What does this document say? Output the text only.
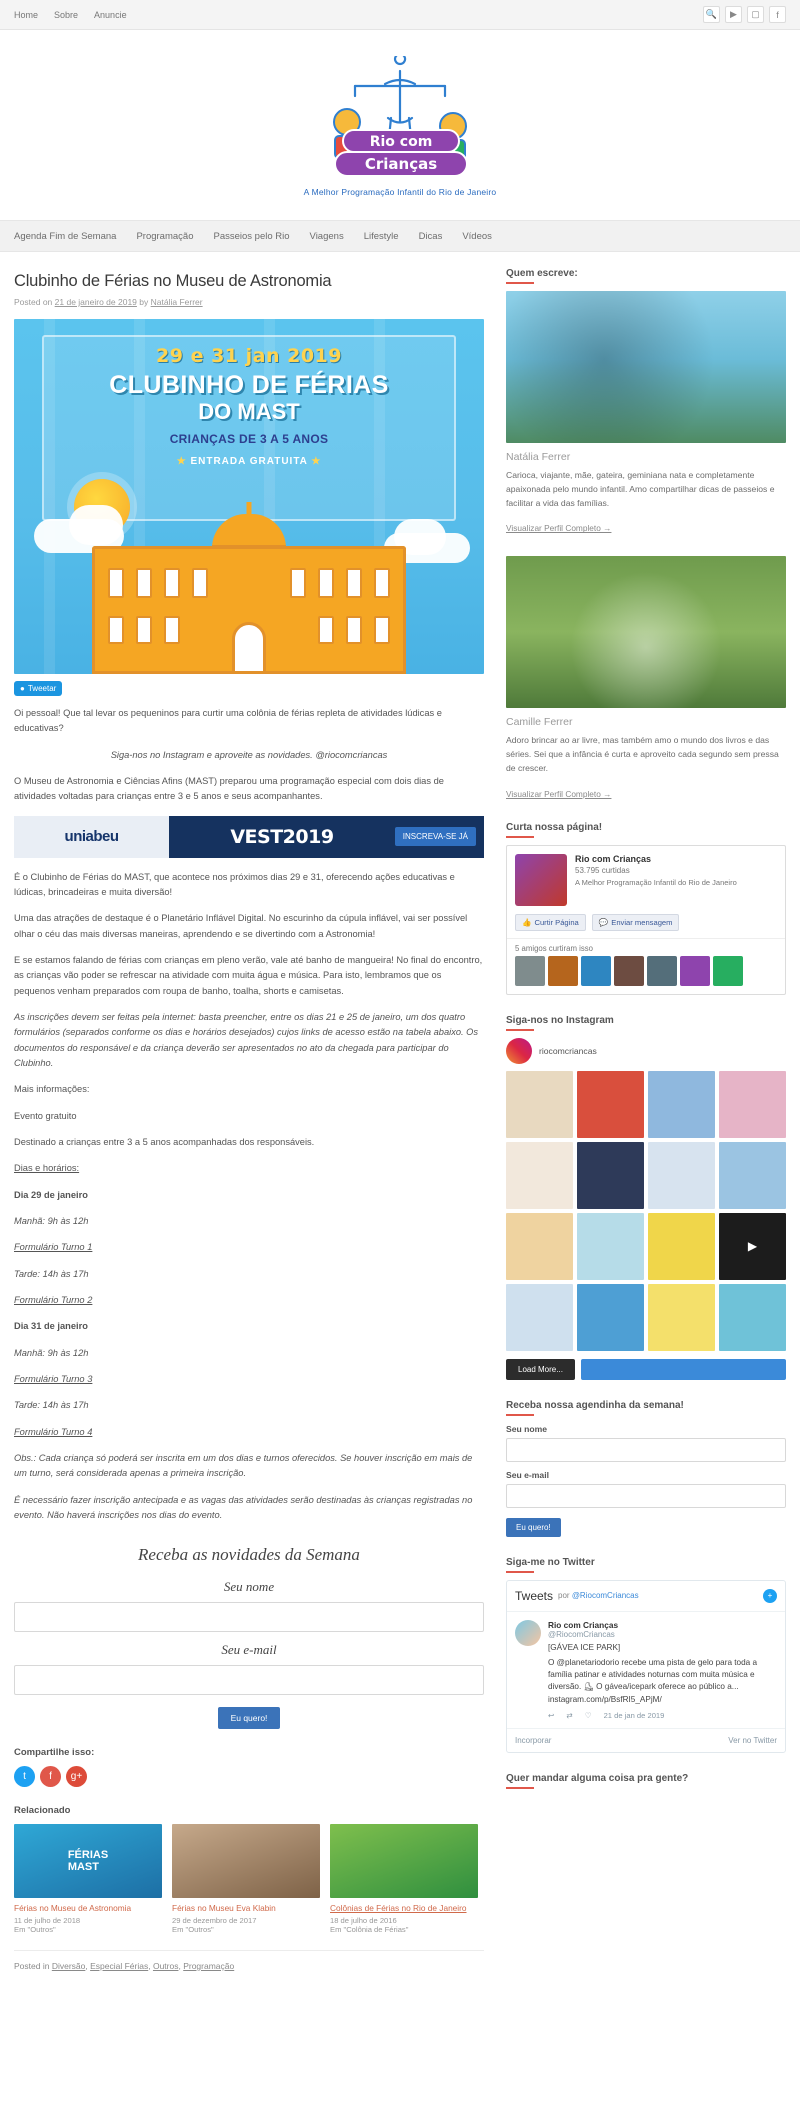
Home Sobre Anuncie	🔍	▶	▢	f
Rio com
Crianças
A Melhor Programação Infantil do Rio de Janeiro
Agenda Fim de Semana Programação Passeios pelo Rio Viagens Lifestyle Dicas Vídeos
Clubinho de Férias no Museu de Astronomia
Posted on 21 de janeiro de 2019 by Natália Ferrer
29 e 31 jan 2019
CLUBINHO DE FÉRIAS
DO MAST
CRIANÇAS DE 3 A 5 ANOS
★ ENTRADA GRATUITA ★
● Tweetar

Oi pessoal! Que tal levar os pequeninos para curtir uma colônia de férias repleta de atividades lúdicas e educativas?

Siga-nos no Instagram e aproveite as novidades. @riocomcriancas

O Museu de Astronomia e Ciências Afins (MAST) preparou uma programação especial com dois dias de atividades voltadas para crianças entre 3 e 5 anos e seus acompanhantes.

uniabeu	VEST2019	INSCREVA-SE JÁ

É o Clubinho de Férias do MAST, que acontece nos próximos dias 29 e 31, oferecendo ações educativas e lúdicas, brincadeiras e muita diversão!

Uma das atrações de destaque é o Planetário Inflável Digital. No escurinho da cúpula inflável, vai ser possível olhar o céu das mais diversas maneiras, aprendendo e se divertindo com a Astronomia!

E se estamos falando de férias com crianças em pleno verão, vale até banho de mangueira! No final do encontro, as crianças vão poder se refrescar na atividade com muita água e música. Para isto, lembramos que os pequenos venham preparados com roupa de banho, toalha, shorts e camisetas.

As inscrições devem ser feitas pela internet: basta preencher, entre os dias 21 e 25 de janeiro, um dos quatro formulários (separados conforme os dias e horários desejados) cujos links de acesso estão na tabela abaixo. Os documentos do responsável e da criança deverão ser apresentados no ato da chegada para participar do Clubinho.

Mais informações:

Evento gratuito

Destinado a crianças entre 3 a 5 anos acompanhadas dos responsáveis.

Dias e horários:

Dia 29 de janeiro

Manhã: 9h às 12h

Formulário Turno 1

Tarde: 14h às 17h

Formulário Turno 2

Dia 31 de janeiro

Manhã: 9h às 12h

Formulário Turno 3

Tarde: 14h às 17h

Formulário Turno 4

Obs.: Cada criança só poderá ser inscrita em um dos dias e turnos oferecidos. Se houver inscrição em mais de um turno, será considerada apenas a primeira inscrição.

É necessário fazer inscrição antecipada e as vagas das atividades serão destinadas às crianças registradas no evento. Não haverá inscrições nos dias do evento.

Receba as novidades da Semana
Seu nome
Seu e-mail
Eu quero!
Compartilhe isso:
t	f	g+
Relacionado
FÉRIAS
MAST
Férias no Museu de Astronomia
11 de julho de 2018
Em "Outros"
Férias no Museu Eva Klabin
29 de dezembro de 2017
Em "Outros"
Colônias de Férias no Rio de Janeiro
18 de julho de 2016
Em "Colônia de Férias"
Posted in Diversão, Especial Férias, Outros, Programação
Quem escreve:
Natália Ferrer
Carioca, viajante, mãe, gateira, geminiana nata e completamente apaixonada pelo mundo infantil. Amo compartilhar dicas de passeios e facilitar a vida das famílias.
Visualizar Perfil Completo →
Camille Ferrer
Adoro brincar ao ar livre, mas também amo o mundo dos livros e das séries. Sei que a infância é curta e aproveito cada segundo sem pressa de crescer.
Visualizar Perfil Completo →
Curta nossa página!
Rio com Crianças
53.795 curtidas
A Melhor Programação Infantil do Rio de Janeiro
👍 Curtir Página	💬 Enviar mensagem
5 amigos curtiram isso
Siga-nos no Instagram
riocomcriancas
▶
Load More...
Receba nossa agendinha da semana!
Seu nome
Seu e-mail
Eu quero!
Siga-me no Twitter
Tweets por @RiocomCriancas	+
Rio com Crianças
@RiocomCriancas
[GÁVEA ICE PARK]
O @planetariodorio recebe uma pista de gelo para toda a família patinar e atividades noturnas com muita música e diversão. ⛸ O gávea/icepark oferece ao público a... instagram.com/p/BsfRI5_APjM/
↩ ⇄ ♡ 21 de jan de 2019
Incorporar	Ver no Twitter
Quer mandar alguma coisa pra gente?
